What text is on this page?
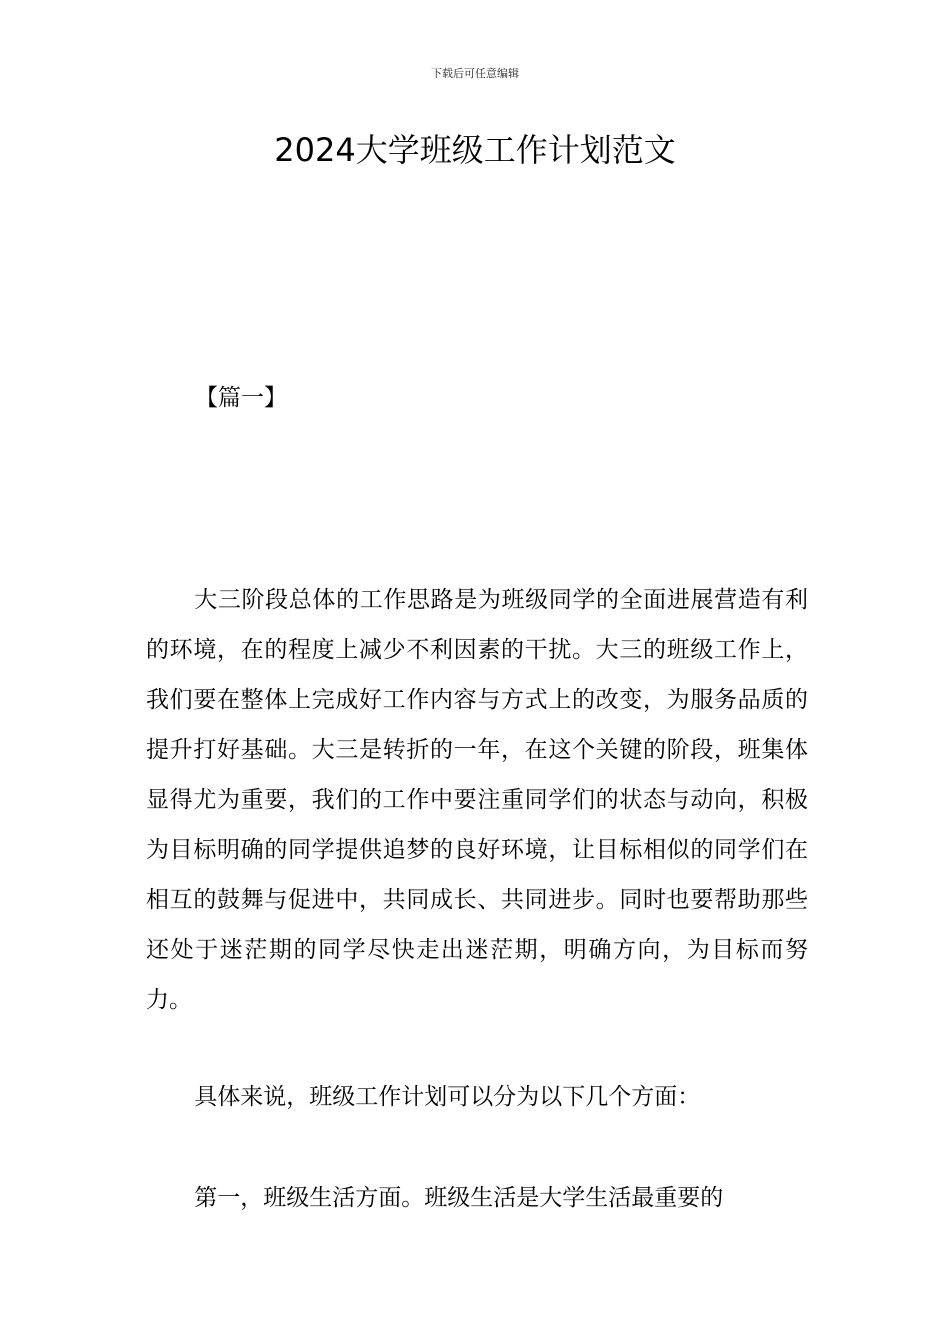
下载后可任意编辑
2024大学班级工作计划范文
【篇一】

大三阶段总体的工作思路是为班级同学的全面进展营造有利的环境，在的程度上减少不利因素的干扰。大三的班级工作上，我们要在整体上完成好工作内容与方式上的改变，为服务品质的提升打好基础。大三是转折的一年，在这个关键的阶段，班集体显得尤为重要，我们的工作中要注重同学们的状态与动向，积极为目标明确的同学提供追梦的良好环境，让目标相似的同学们在相互的鼓舞与促进中，共同成长、共同进步。同时也要帮助那些还处于迷茫期的同学尽快走出迷茫期，明确方向，为目标而努力。

具体来说，班级工作计划可以分为以下几个方面：

第一，班级生活方面。班级生活是大学生活最重要的
